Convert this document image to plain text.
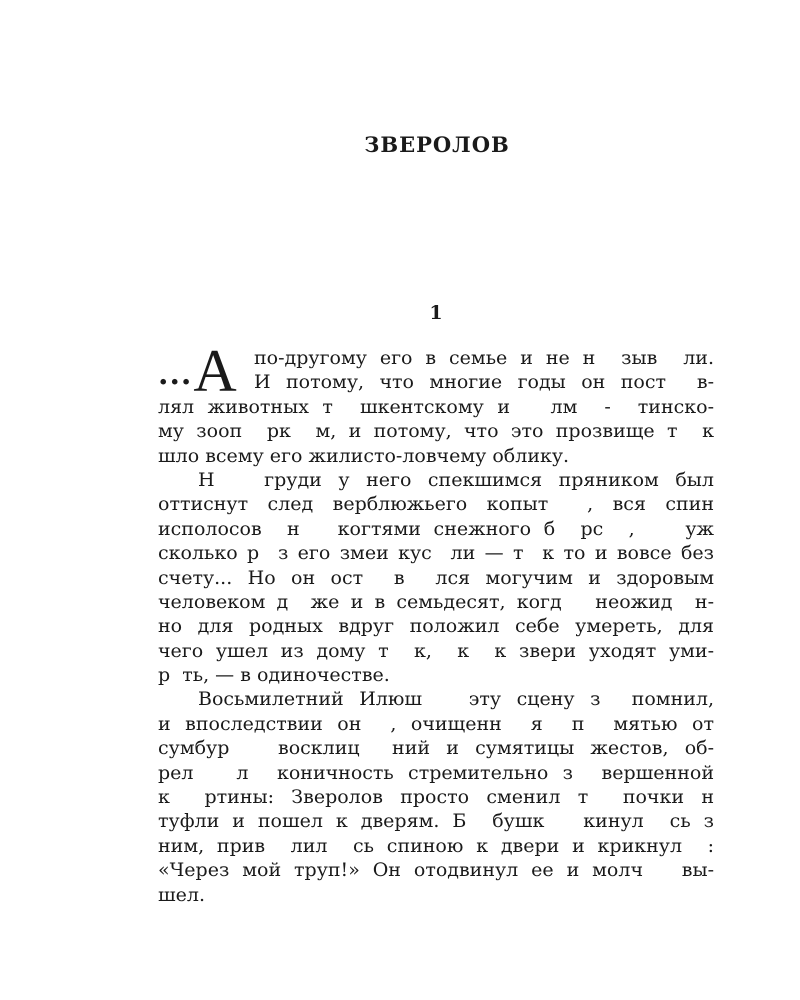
ЗВЕРОЛОВ
1
... А по-другому его в семье и не н  зыв  ли.
И потому, что многие годы он пост  в-
лял животных т  шкентскому и   лм  -  тинско-
му зооп  рк  м, и потому, что это прозвище т  к
шло всему его жилисто-ловчему облику.
Н   груди у него спекшимся пряником был
оттиснут след верблюжьего копыт  , вся спин
исполосов  н   когтями снежного б  рс  ,    уж
сколько р  з его змеи кус  ли — т  к то и вовсе без
счету... Но он ост  в  лся могучим и здоровым
человеком д  же и в семьдесят, когд   неожид  н-
но для родных вдруг положил себе умереть, для
чего ушел из дому т  к,  к  к звери уходят уми-
р  ть, — в одиночестве.
Восьмилетний Илюш   эту сцену з  помнил,
и впоследствии он  , очищенн  я  п  мятью от
сумбур   восклиц  ний и сумятицы жестов, об-
рел   л  коничность стремительно з  вершенной
к  ртины: Зверолов просто сменил т  почки н
туфли и пошел к дверям. Б  бушк   кинул  сь з
ним, прив  лил  сь спиною к двери и крикнул  :
«Через мой труп!» Он отодвинул ее и молч   вы-
шел.
